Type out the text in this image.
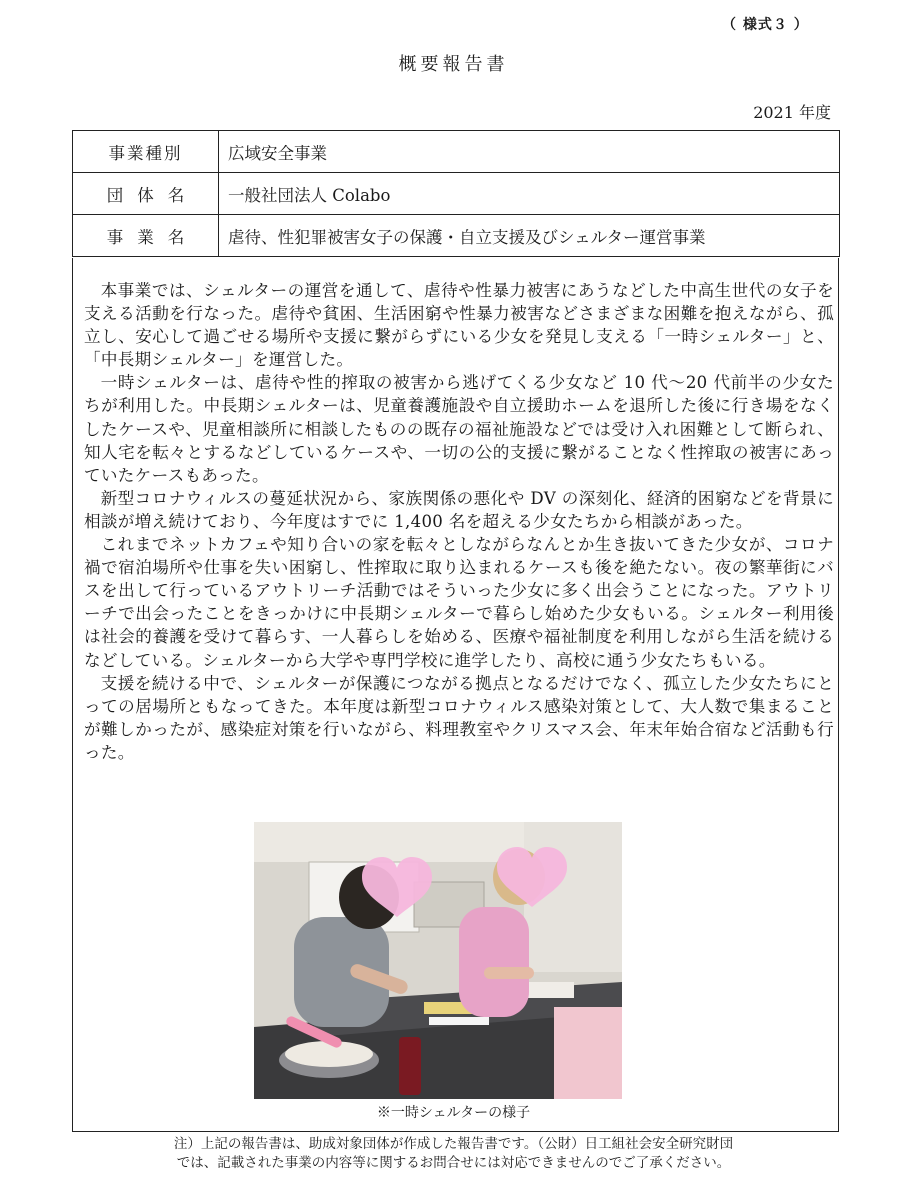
（ 様式３ ）
概要報告書
2021 年度
事業種別	広域安全事業
団体名	一般社団法人 Colabo
事業名	虐待、性犯罪被害女子の保護・自立支援及びシェルター運営事業

本事業では、シェルターの運営を通して、虐待や性暴力被害にあうなどした中高生世代の女子を支える活動を行なった。虐待や貧困、生活困窮や性暴力被害などさまざまな困難を抱えながら、孤立し、安心して過ごせる場所や支援に繋がらずにいる少女を発見し支える「一時シェルター」と、「中長期シェルター」を運営した。

一時シェルターは、虐待や性的搾取の被害から逃げてくる少女など 10 代〜20 代前半の少女たちが利用した。中長期シェルターは、児童養護施設や自立援助ホームを退所した後に行き場をなくしたケースや、児童相談所に相談したものの既存の福祉施設などでは受け入れ困難として断られ、知人宅を転々とするなどしているケースや、一切の公的支援に繋がることなく性搾取の被害にあっていたケースもあった。

新型コロナウィルスの蔓延状況から、家族関係の悪化や DV の深刻化、経済的困窮などを背景に相談が増え続けており、今年度はすでに 1,400 名を超える少女たちから相談があった。

これまでネットカフェや知り合いの家を転々としながらなんとか生き抜いてきた少女が、コロナ禍で宿泊場所や仕事を失い困窮し、性搾取に取り込まれるケースも後を絶たない。夜の繁華街にバスを出して行っているアウトリーチ活動ではそういった少女に多く出会うことになった。アウトリーチで出会ったことをきっかけに中長期シェルターで暮らし始めた少女もいる。シェルター利用後は社会的養護を受けて暮らす、一人暮らしを始める、医療や福祉制度を利用しながら生活を続けるなどしている。シェルターから大学や専門学校に進学したり、高校に通う少女たちもいる。

支援を続ける中で、シェルターが保護につながる拠点となるだけでなく、孤立した少女たちにとっての居場所ともなってきた。本年度は新型コロナウィルス感染対策として、大人数で集まることが難しかったが、感染症対策を行いながら、料理教室やクリスマス会、年末年始合宿など活動も行った。

※一時シェルターの様子
注）上記の報告書は、助成対象団体が作成した報告書です。（公財）日工組社会安全研究財団
では、記載された事業の内容等に関するお問合せには対応できませんのでご了承ください。
